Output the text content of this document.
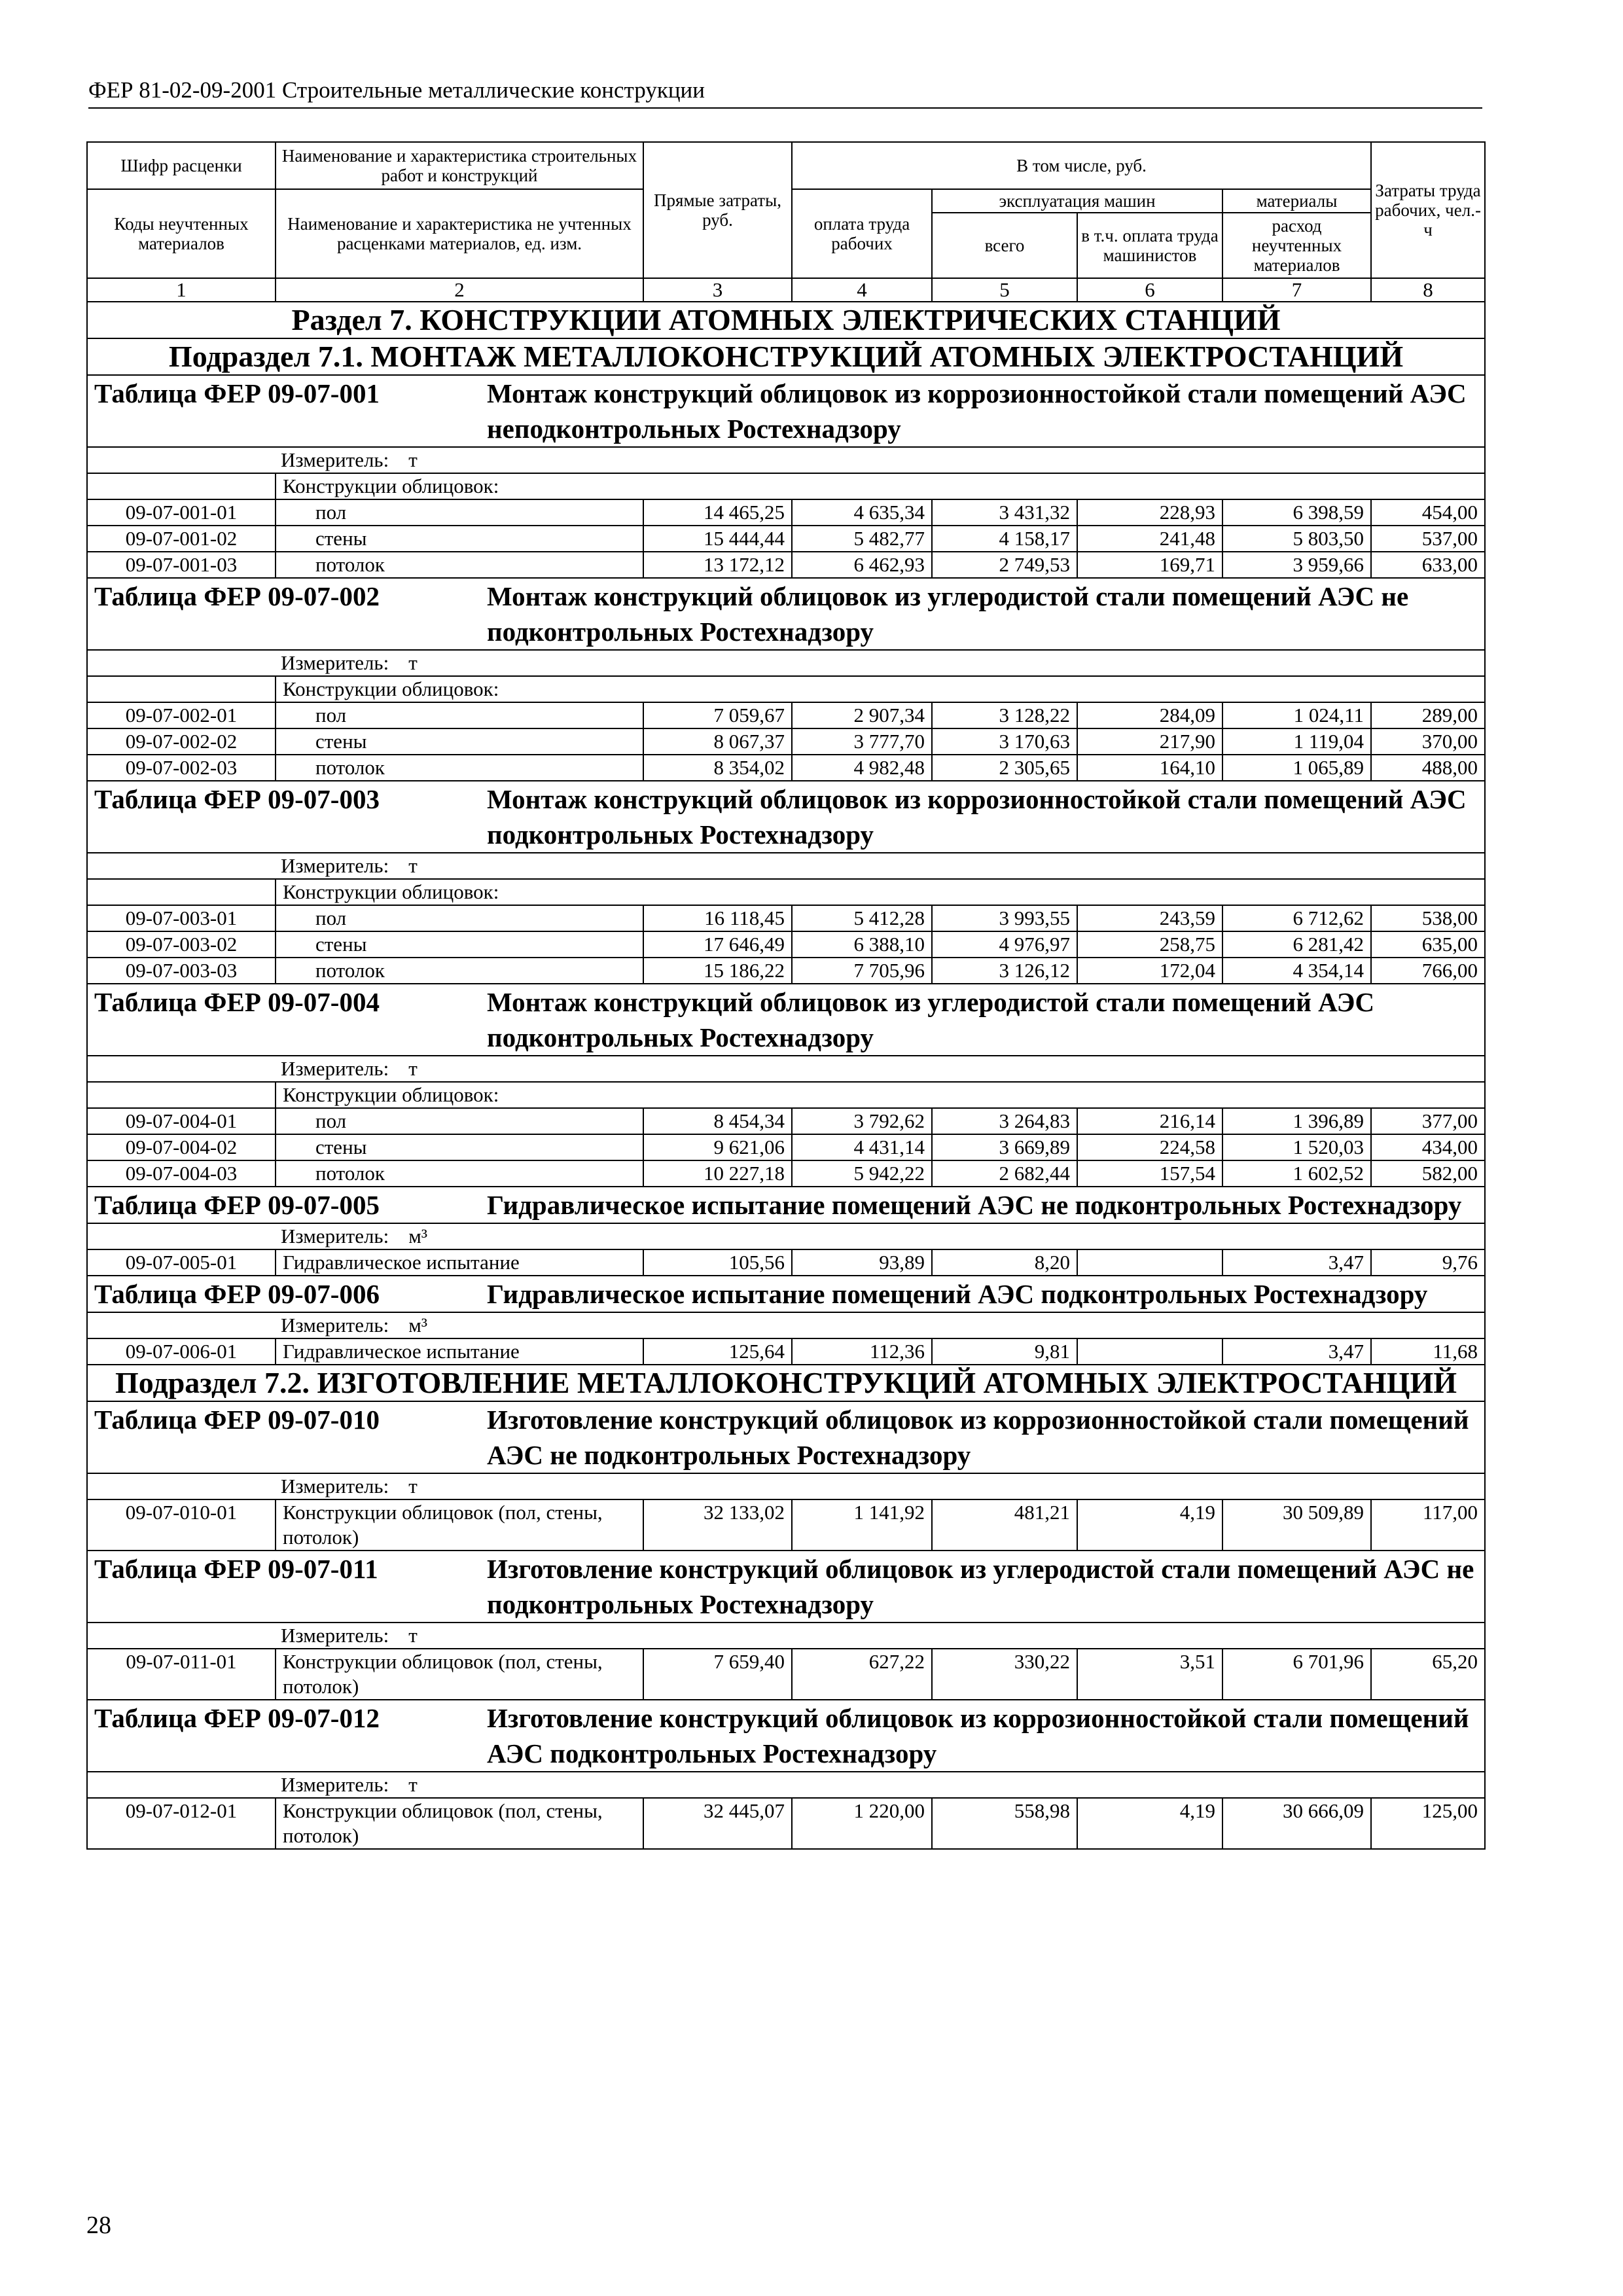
ФЕР 81-02-09-2001 Строительные металлические конструкции
Шифр расценки	Наименование и характеристика строительных работ и конструкций	Прямые затраты, руб.	В том числе, руб.				Затраты труда рабочих, чел.-ч
Коды неучтенных материалов	Наименование и характеристика не учтенных расценками материалов, ед. изм.		оплата труда рабочих	эксплуатация машин		материалы	
				всего	в т.ч. оплата труда машинистов	расход неучтенных материалов	
1	2	3	4	5	6	7	8
Раздел 7. КОНСТРУКЦИИ АТОМНЫХ ЭЛЕКТРИЧЕСКИХ СТАНЦИЙ							
Подраздел 7.1. МОНТАЖ МЕТАЛЛОКОНСТРУКЦИЙ АТОМНЫХ ЭЛЕКТРОСТАНЦИЙ							

Таблица ФЕР 09-07-001 Монтаж конструкций облицовок из коррозионностойкой стали помещений АЭС неподконтрольных Ростехнадзору							

Измеритель: т							
	Конструкции облицовок:						
09-07-001-01	пол	14 465,25	4 635,34	3 431,32	228,93	6 398,59	454,00
09-07-001-02	стены	15 444,44	5 482,77	4 158,17	241,48	5 803,50	537,00
09-07-001-03	потолок	13 172,12	6 462,93	2 749,53	169,71	3 959,66	633,00

Таблица ФЕР 09-07-002 Монтаж конструкций облицовок из углеродистой стали помещений АЭС не подконтрольных Ростехнадзору							

Измеритель: т							
	Конструкции облицовок:						
09-07-002-01	пол	7 059,67	2 907,34	3 128,22	284,09	1 024,11	289,00
09-07-002-02	стены	8 067,37	3 777,70	3 170,63	217,90	1 119,04	370,00
09-07-002-03	потолок	8 354,02	4 982,48	2 305,65	164,10	1 065,89	488,00

Таблица ФЕР 09-07-003 Монтаж конструкций облицовок из коррозионностойкой стали помещений АЭС подконтрольных Ростехнадзору							

Измеритель: т							
	Конструкции облицовок:						
09-07-003-01	пол	16 118,45	5 412,28	3 993,55	243,59	6 712,62	538,00
09-07-003-02	стены	17 646,49	6 388,10	4 976,97	258,75	6 281,42	635,00
09-07-003-03	потолок	15 186,22	7 705,96	3 126,12	172,04	4 354,14	766,00

Таблица ФЕР 09-07-004 Монтаж конструкций облицовок из углеродистой стали помещений АЭС подконтрольных Ростехнадзору							

Измеритель: т							
	Конструкции облицовок:						
09-07-004-01	пол	8 454,34	3 792,62	3 264,83	216,14	1 396,89	377,00
09-07-004-02	стены	9 621,06	4 431,14	3 669,89	224,58	1 520,03	434,00
09-07-004-03	потолок	10 227,18	5 942,22	2 682,44	157,54	1 602,52	582,00

Таблица ФЕР 09-07-005 Гидравлическое испытание помещений АЭС не подконтрольных Ростехнадзору							

Измеритель: м³							
09-07-005-01	Гидравлическое испытание	105,56	93,89	8,20		3,47	9,76

Таблица ФЕР 09-07-006 Гидравлическое испытание помещений АЭС подконтрольных Ростехнадзору							

Измеритель: м³							
09-07-006-01	Гидравлическое испытание	125,64	112,36	9,81		3,47	11,68
Подраздел 7.2. ИЗГОТОВЛЕНИЕ МЕТАЛЛОКОНСТРУКЦИЙ АТОМНЫХ ЭЛЕКТРОСТАНЦИЙ							

Таблица ФЕР 09-07-010 Изготовление конструкций облицовок из коррозионностойкой стали помещений АЭС не подконтрольных Ростехнадзору							

Измеритель: т							
09-07-010-01	Конструкции облицовок (пол, стены, потолок)	32 133,02	1 141,92	481,21	4,19	30 509,89	117,00

Таблица ФЕР 09-07-011 Изготовление конструкций облицовок из углеродистой стали помещений АЭС не подконтрольных Ростехнадзору							

Измеритель: т							
09-07-011-01	Конструкции облицовок (пол, стены, потолок)	7 659,40	627,22	330,22	3,51	6 701,96	65,20

Таблица ФЕР 09-07-012 Изготовление конструкций облицовок из коррозионностойкой стали помещений АЭС подконтрольных Ростехнадзору							

Измеритель: т							
09-07-012-01	Конструкции облицовок (пол, стены, потолок)	32 445,07	1 220,00	558,98	4,19	30 666,09	125,00
28
